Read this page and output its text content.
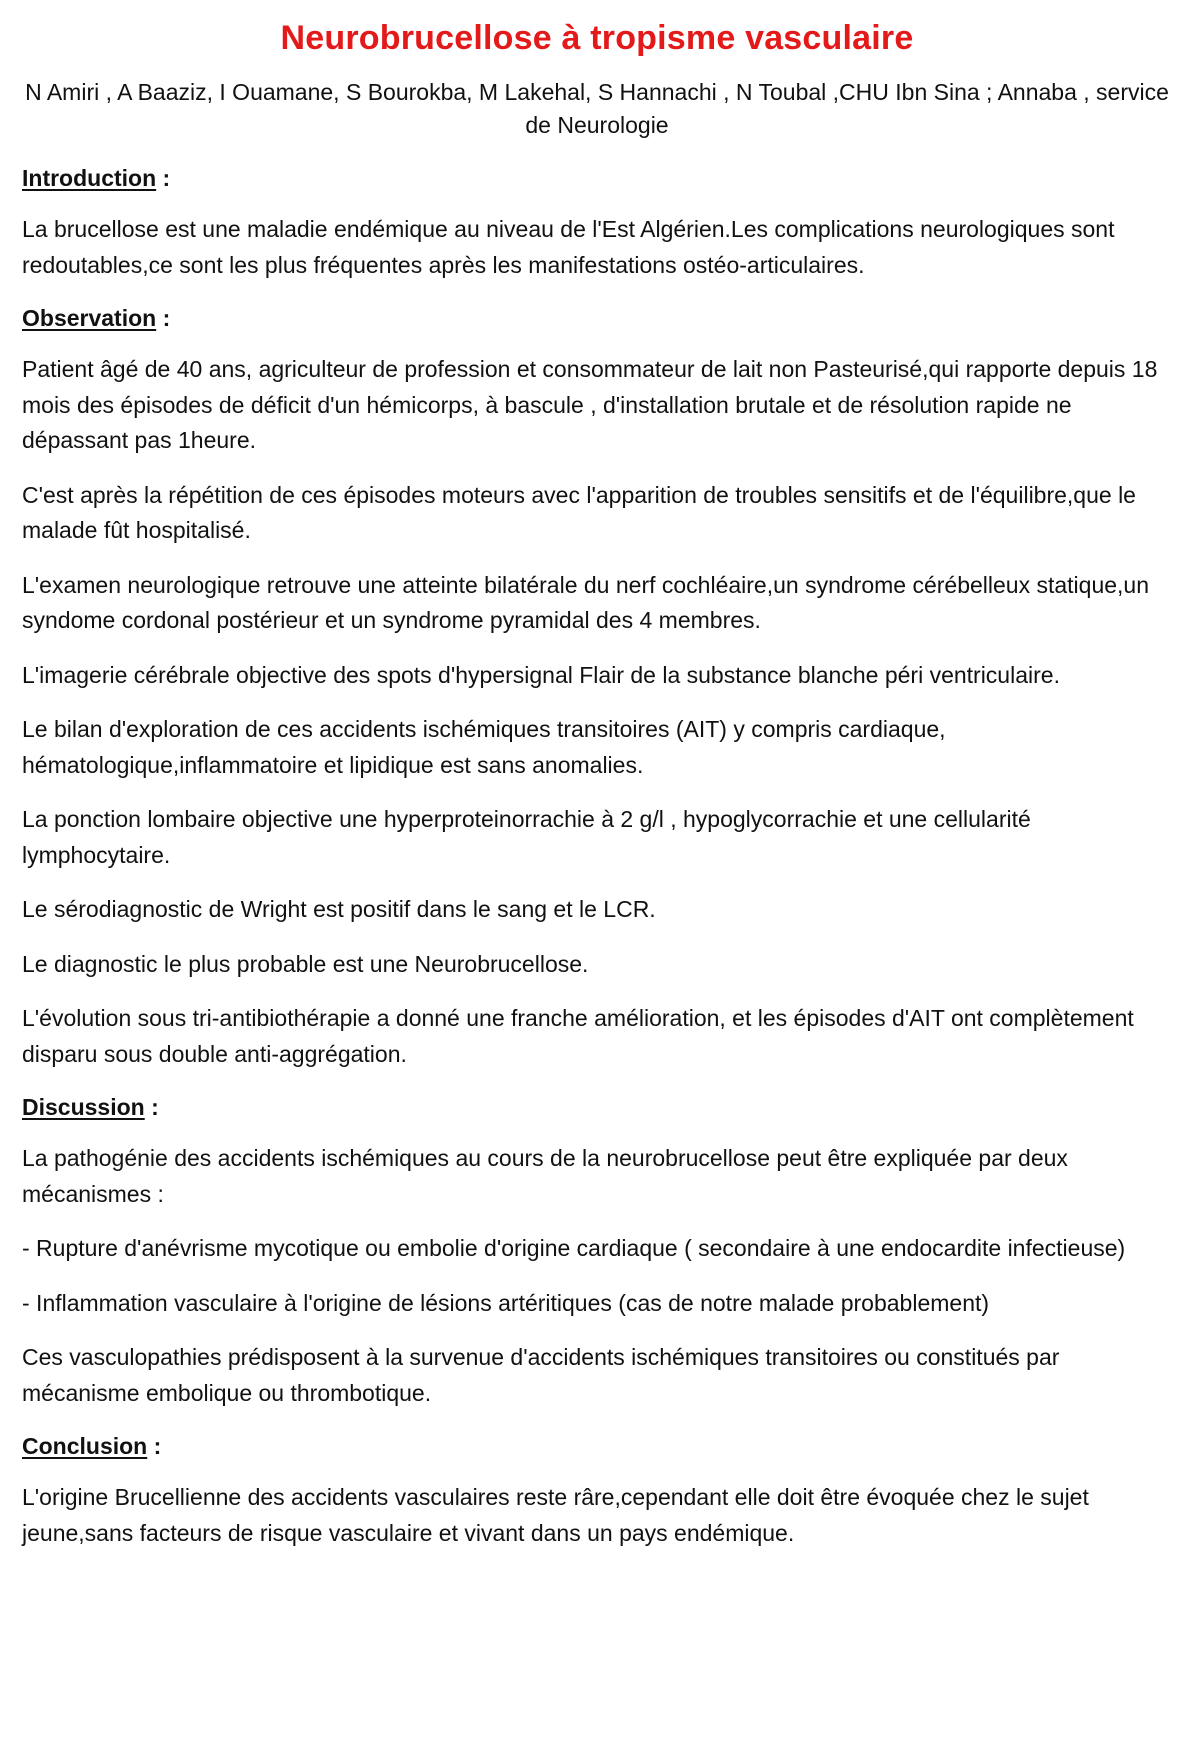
Neurobrucellose à tropisme vasculaire

N Amiri , A Baaziz, I Ouamane, S Bourokba, M Lakehal, S Hannachi , N Toubal ,CHU Ibn Sina ; Annaba , service de Neurologie

Introduction :

La brucellose est une maladie endémique au niveau de l'Est Algérien.Les complications neurologiques sont redoutables,ce sont les plus fréquentes après les manifestations ostéo-articulaires.

Observation :

Patient âgé de 40 ans, agriculteur de profession et consommateur de lait non Pasteurisé,qui rapporte depuis 18 mois des épisodes de déficit d'un hémicorps, à bascule , d'installation brutale et de résolution rapide ne dépassant pas 1heure.

C'est après la répétition de ces épisodes moteurs avec l'apparition de troubles sensitifs et de l'équilibre,que le malade fût hospitalisé.

L'examen neurologique retrouve une atteinte bilatérale du nerf cochléaire,un syndrome cérébelleux statique,un syndome cordonal postérieur et un syndrome pyramidal des 4 membres.

L'imagerie cérébrale objective des spots d'hypersignal Flair de la substance blanche péri ventriculaire.

Le bilan d'exploration de ces accidents ischémiques transitoires (AIT) y compris cardiaque, hématologique,inflammatoire et lipidique est sans anomalies.

La ponction lombaire objective une hyperproteinorrachie à 2 g/l , hypoglycorrachie et une cellularité lymphocytaire.

Le sérodiagnostic de Wright est positif dans le sang et le LCR.

Le diagnostic le plus probable est une Neurobrucellose.

L'évolution sous tri-antibiothérapie a donné une franche amélioration, et les épisodes d'AIT ont complètement disparu sous double anti-aggrégation.

Discussion :

La pathogénie des accidents ischémiques au cours de la neurobrucellose peut être expliquée par deux mécanismes :

- Rupture d'anévrisme mycotique ou embolie d'origine cardiaque ( secondaire à une endocardite infectieuse)

- Inflammation vasculaire à l'origine de lésions artéritiques (cas de notre malade probablement)

Ces vasculopathies prédisposent à la survenue d'accidents ischémiques transitoires ou constitués par mécanisme embolique ou thrombotique.

Conclusion :

L'origine Brucellienne des accidents vasculaires reste râre,cependant elle doit être évoquée chez le sujet jeune,sans facteurs de risque vasculaire et vivant dans un pays endémique.
